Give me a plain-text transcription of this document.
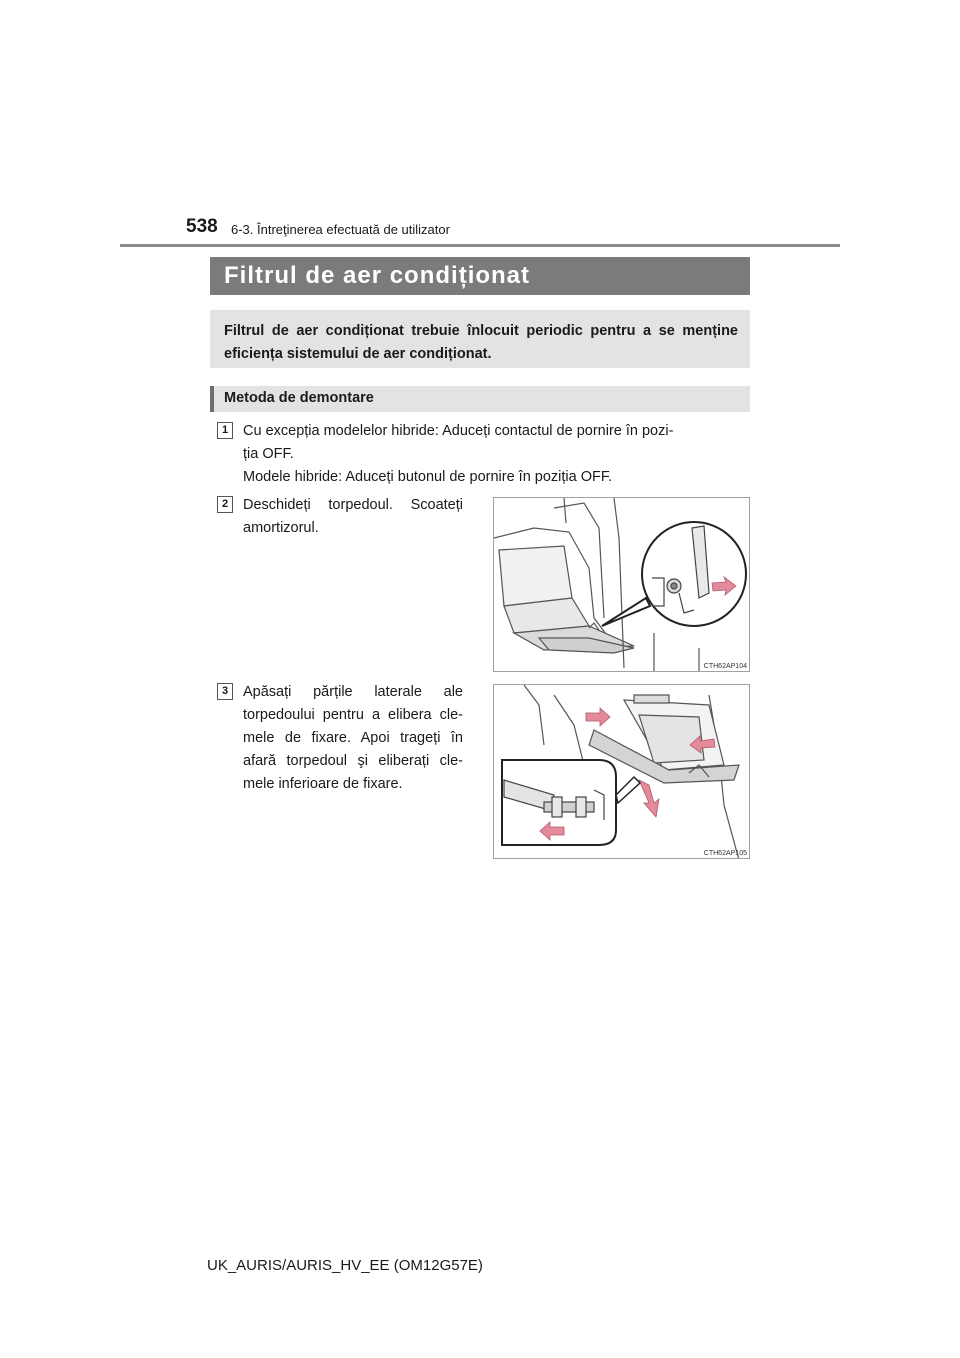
538 6-3. Întreţinerea efectuată de utilizator
Filtrul de aer condiționat

Filtrul de aer condiționat trebuie înlocuit periodic pentru a se menține eficiența sistemului de aer condiționat.

Metoda de demontare
1	Cu excepția modelelor hibride: Aduceți contactul de pornire în pozi-
ția OFF.
Modele hibride: Aduceți butonul de pornire în poziția OFF.
2	Deschideți torpedoul. Scoateți amortizorul.
CTH62AP104
3	Apăsați părțile laterale ale torpedoului pentru a elibera cle-mele de fixare. Apoi trageți în afară torpedoul şi eliberați cle-mele inferioare de fixare.
CTH62AP105
UK_AURIS/AURIS_HV_EE (OM12G57E)
